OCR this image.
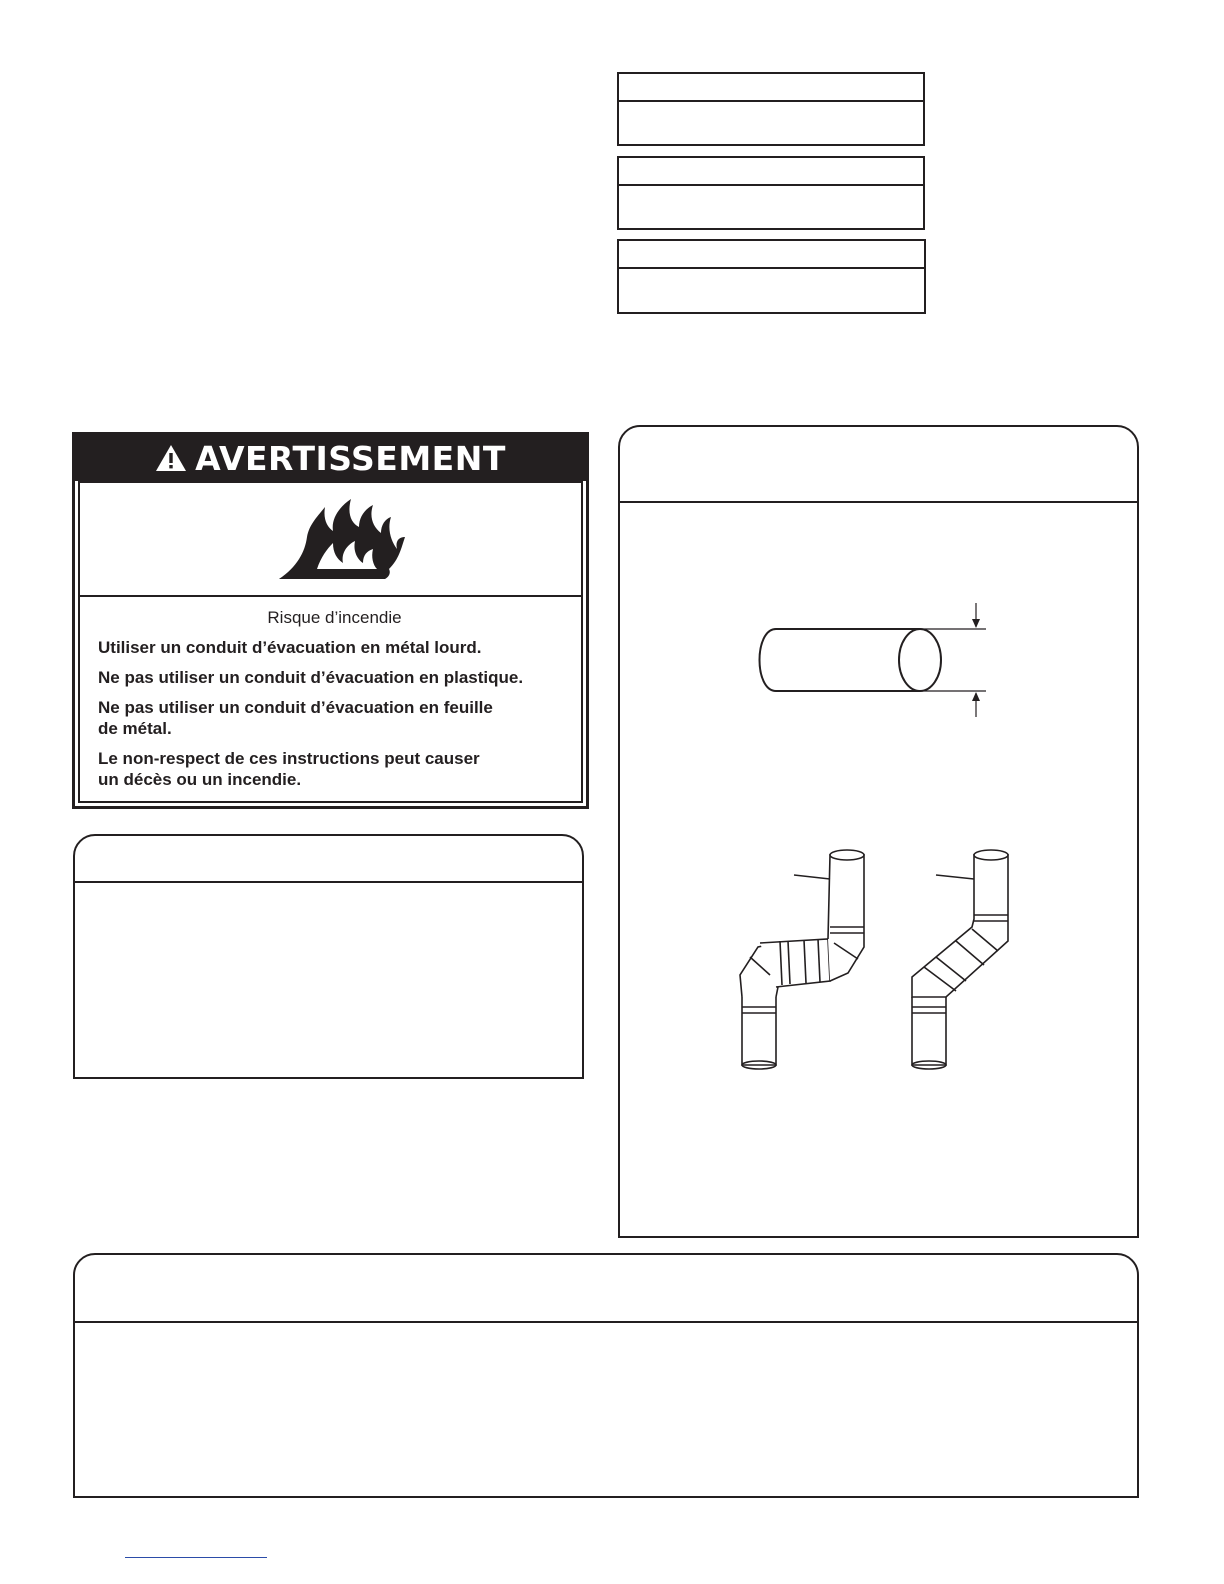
AVERTISSEMENT
Risque d’incendie

Utiliser un conduit d’évacuation en métal lourd.

Ne pas utiliser un conduit d’évacuation en plastique.

Ne pas utiliser un conduit d’évacuation en feuille
de métal.

Le non-respect de ces instructions peut causer
un décès ou un incendie.
